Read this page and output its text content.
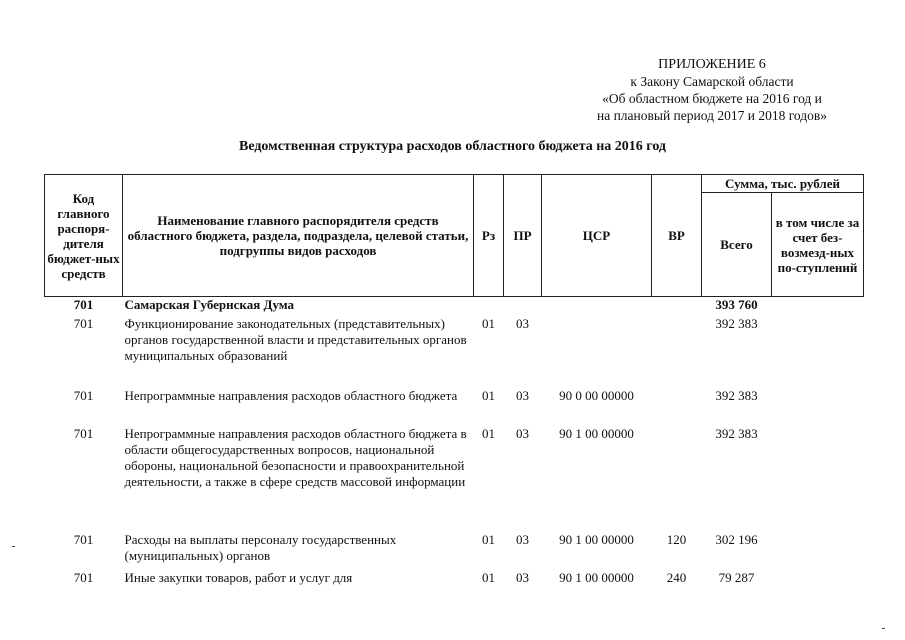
ПРИЛОЖЕНИЕ 6
к Закону Самарской области
«Об областном бюджете на 2016 год и
на плановый период 2017 и 2018 годов»
Ведомственная структура расходов областного бюджета на 2016 год
Код главного распоря-дителя бюджет-ных средств	Наименование главного распорядителя средств областного бюджета, раздела, подраздела, целевой статьи, подгруппы видов расходов	Рз	ПР	ЦСР	ВР	Сумма, тыс. рублей	
						Всего	в том числе за счет без-возмезд-ных по-ступлений
701	Самарская Губернская Дума					393 760	
701	Функционирование законодательных (представительных) органов государственной власти и представительных органов муниципальных образований	01	03			392 383	
701	Непрограммные направления расходов областного бюджета	01	03	90 0 00 00000		392 383	
701	Непрограммные направления расходов областного бюджета в области общегосударственных вопросов, национальной обороны, национальной безопасности и правоохранительной деятельности, а также в сфере средств массовой информации	01	03	90 1 00 00000		392 383	
701	Расходы на выплаты персоналу государственных (муниципальных) органов	01	03	90 1 00 00000	120	302 196	
701	Иные закупки товаров, работ и услуг для	01	03	90 1 00 00000	240	79 287	
